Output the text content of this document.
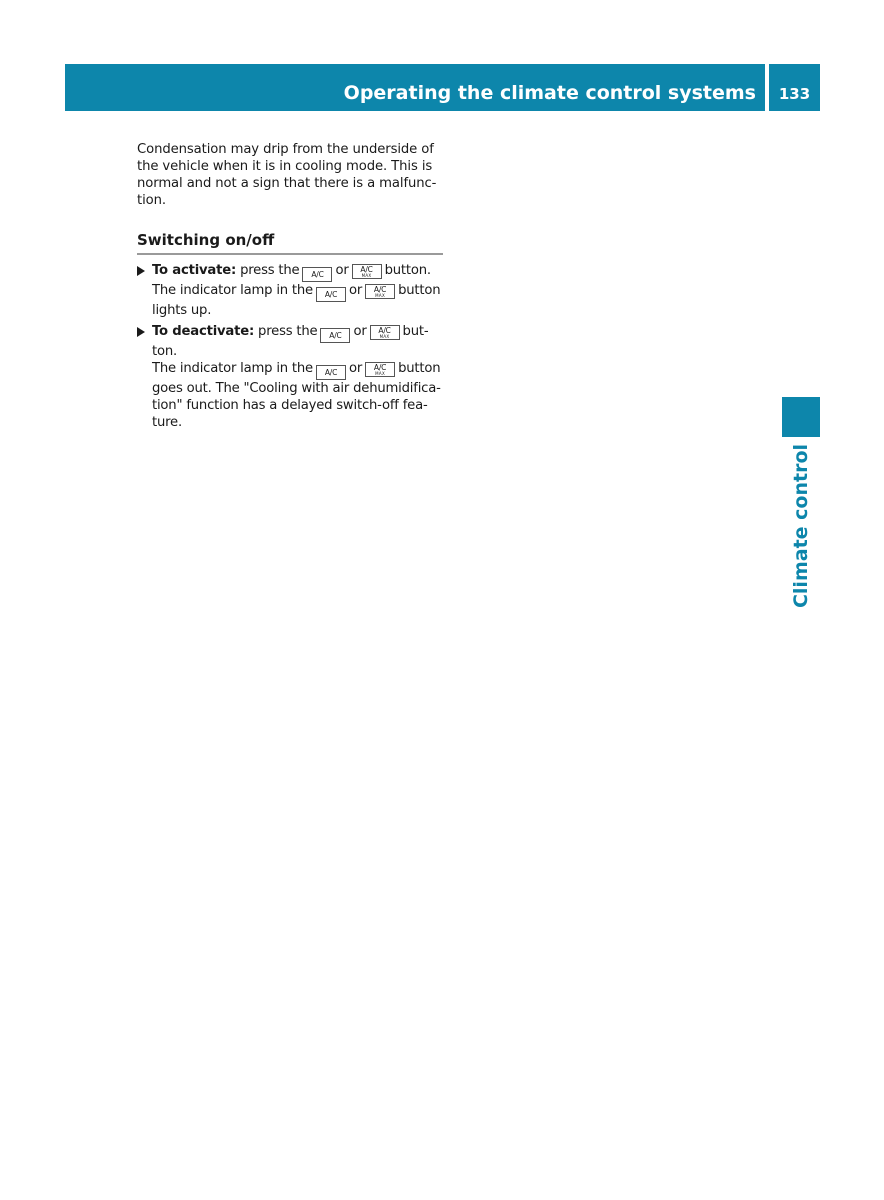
Operating the climate control systems	133
Climate control

Condensation may drip from the underside of the vehicle when it is in cooling mode. This is normal and not a sign that there is a malfunc-tion.

Switching on/off
To activate: press the	A/C or	A/C
MAX button.
The indicator lamp in the	A/C or	A/C
MAX button lights up.
To deactivate: press the	A/C or	A/C
MAX but-ton.
The indicator lamp in the	A/C or	A/C
MAX button goes out. The "Cooling with air dehumidifica-tion" function has a delayed switch-off fea-ture.
